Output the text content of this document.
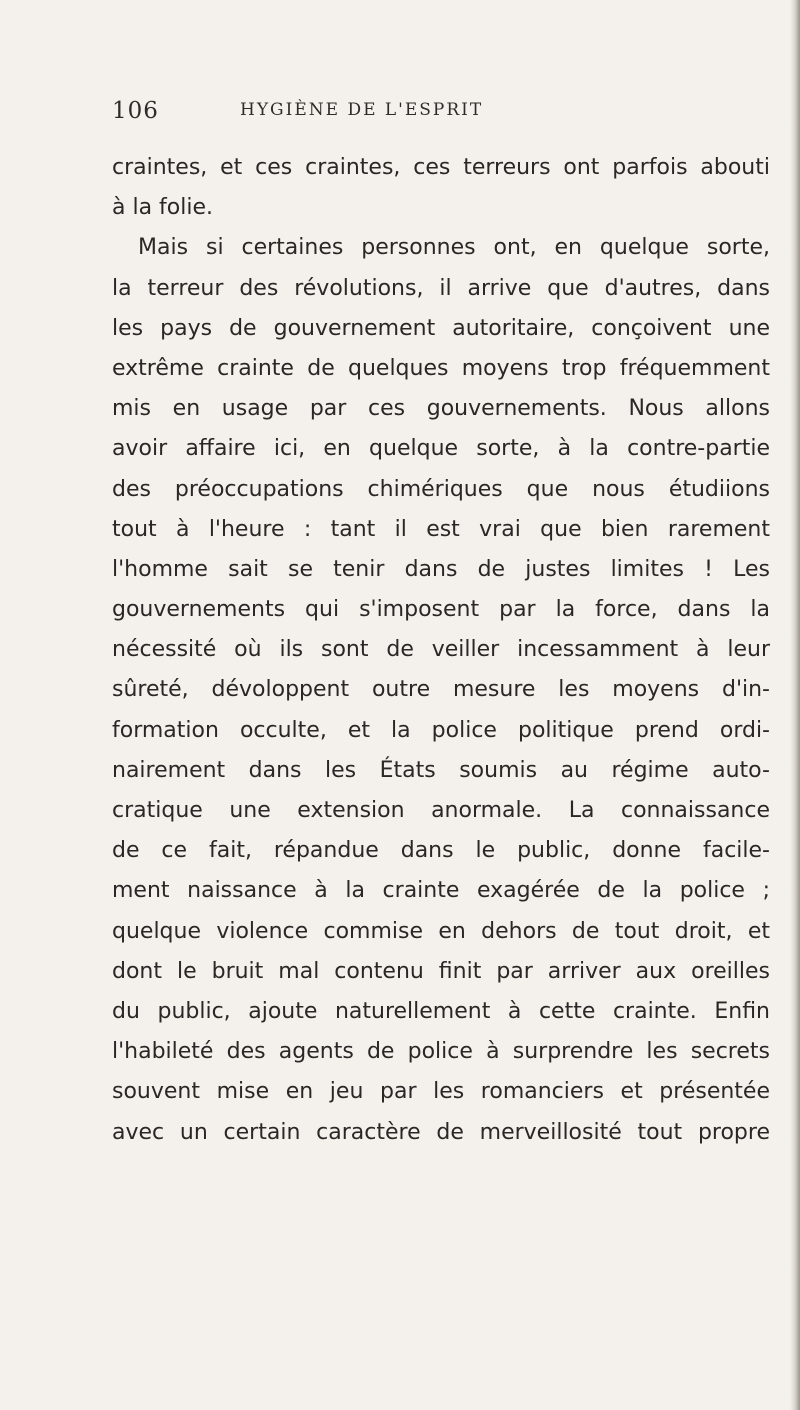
106	HYGIÈNE DE L'ESPRIT
craintes, et ces craintes, ces terreurs ont parfois abouti
à la folie.
Mais si certaines personnes ont, en quelque sorte,
la terreur des révolutions, il arrive que d'autres, dans
les pays de gouvernement autoritaire, conçoivent une
extrême crainte de quelques moyens trop fréquemment
mis en usage par ces gouvernements. Nous allons
avoir affaire ici, en quelque sorte, à la contre-partie
des préoccupations chimériques que nous étudiions
tout à l'heure : tant il est vrai que bien rarement
l'homme sait se tenir dans de justes limites ! Les
gouvernements qui s'imposent par la force, dans la
nécessité où ils sont de veiller incessamment à leur
sûreté, dévoloppent outre mesure les moyens d'in-
formation occulte, et la police politique prend ordi-
nairement dans les États soumis au régime auto-
cratique une extension anormale. La connaissance
de ce fait, répandue dans le public, donne facile-
ment naissance à la crainte exagérée de la police ;
quelque violence commise en dehors de tout droit, et
dont le bruit mal contenu finit par arriver aux oreilles
du public, ajoute naturellement à cette crainte. Enfin
l'habileté des agents de police à surprendre les secrets
souvent mise en jeu par les romanciers et présentée
avec un certain caractère de merveillosité tout propre
